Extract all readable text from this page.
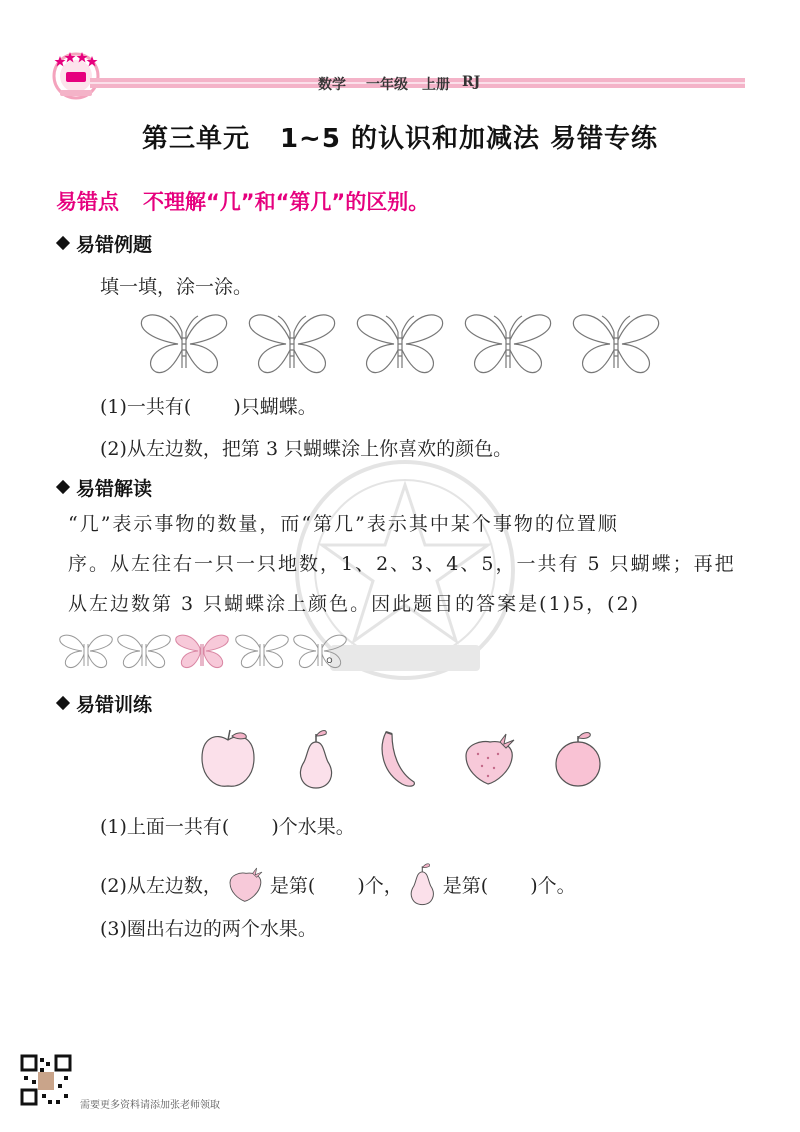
数学 一年级 上册 RJ
第三单元 1~5 的认识和加减法 易错专练
易错点 不理解“几”和“第几”的区别。
易错例题
填一填，涂一涂。
(1)一共有( )只蝴蝶。
(2)从左边数，把第 3 只蝴蝶涂上你喜欢的颜色。
易错解读
“几”表示事物的数量，而“第几”表示其中某个事物的位置顺
序。从左往右一只一只地数，1、2、3、4、5，一共有 5 只蝴蝶；再把
从左边数第 3 只蝴蝶涂上颜色。因此题目的答案是(1)5，(2)
。
易错训练
(1)上面一共有( )个水果。
(2)从左边数，	是第( )个， 是第( )个。
(3)圈出右边的两个水果。
需要更多资料请添加张老师领取
